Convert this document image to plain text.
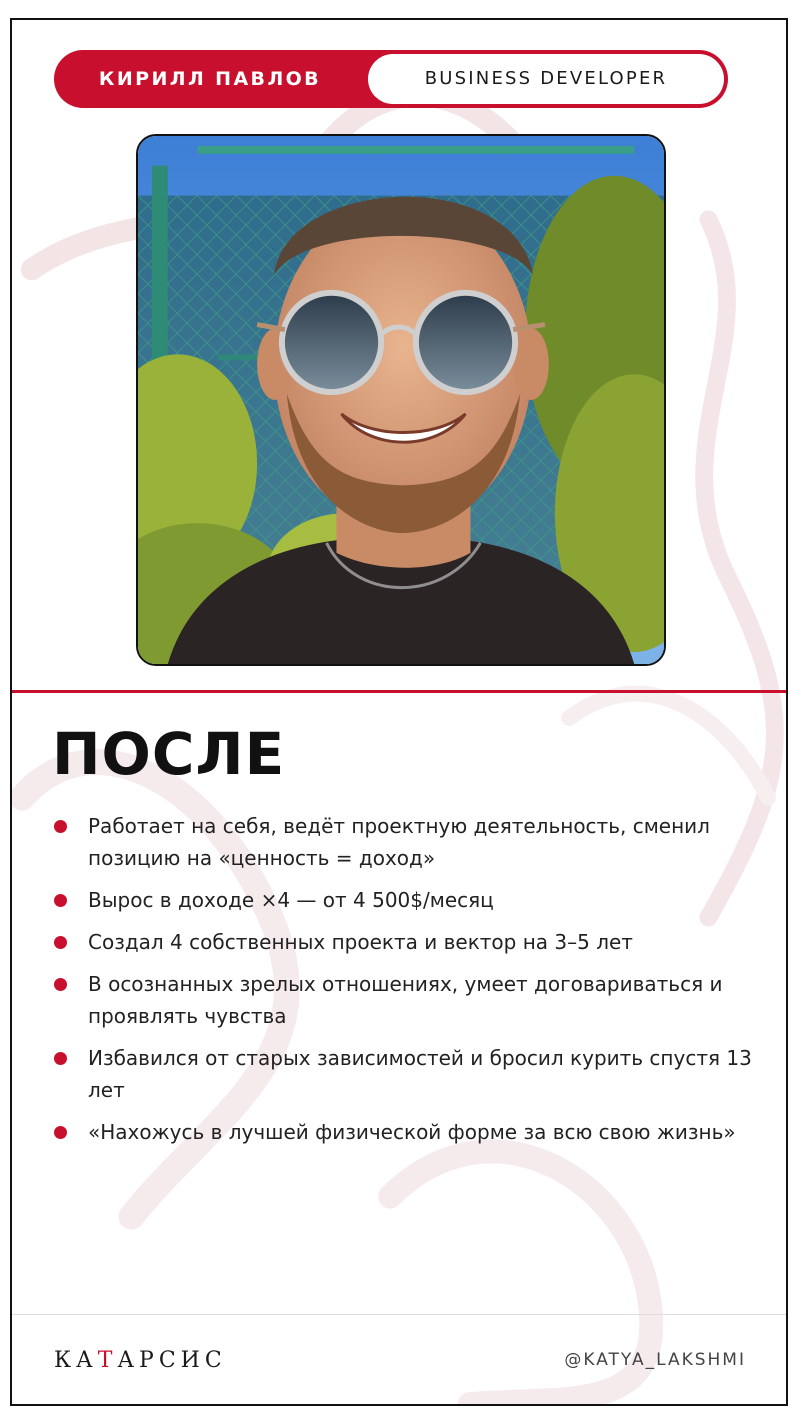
КИРИЛЛ ПАВЛОВ	BUSINESS DEVELOPER
ПОСЛЕ
Работает на себя, ведёт проектную деятельность, сменил позицию на «ценность = доход»
Вырос в доходе ×4 — от 4 500$/месяц
Создал 4 собственных проекта и вектор на 3–5 лет
В осознанных зрелых отношениях, умеет договариваться и проявлять чувства
Избавился от старых зависимостей и бросил курить спустя 13 лет
«Нахожусь в лучшей физической форме за всю свою жизнь»
КАТАРСИС	@KATYA_LAKSHMI
